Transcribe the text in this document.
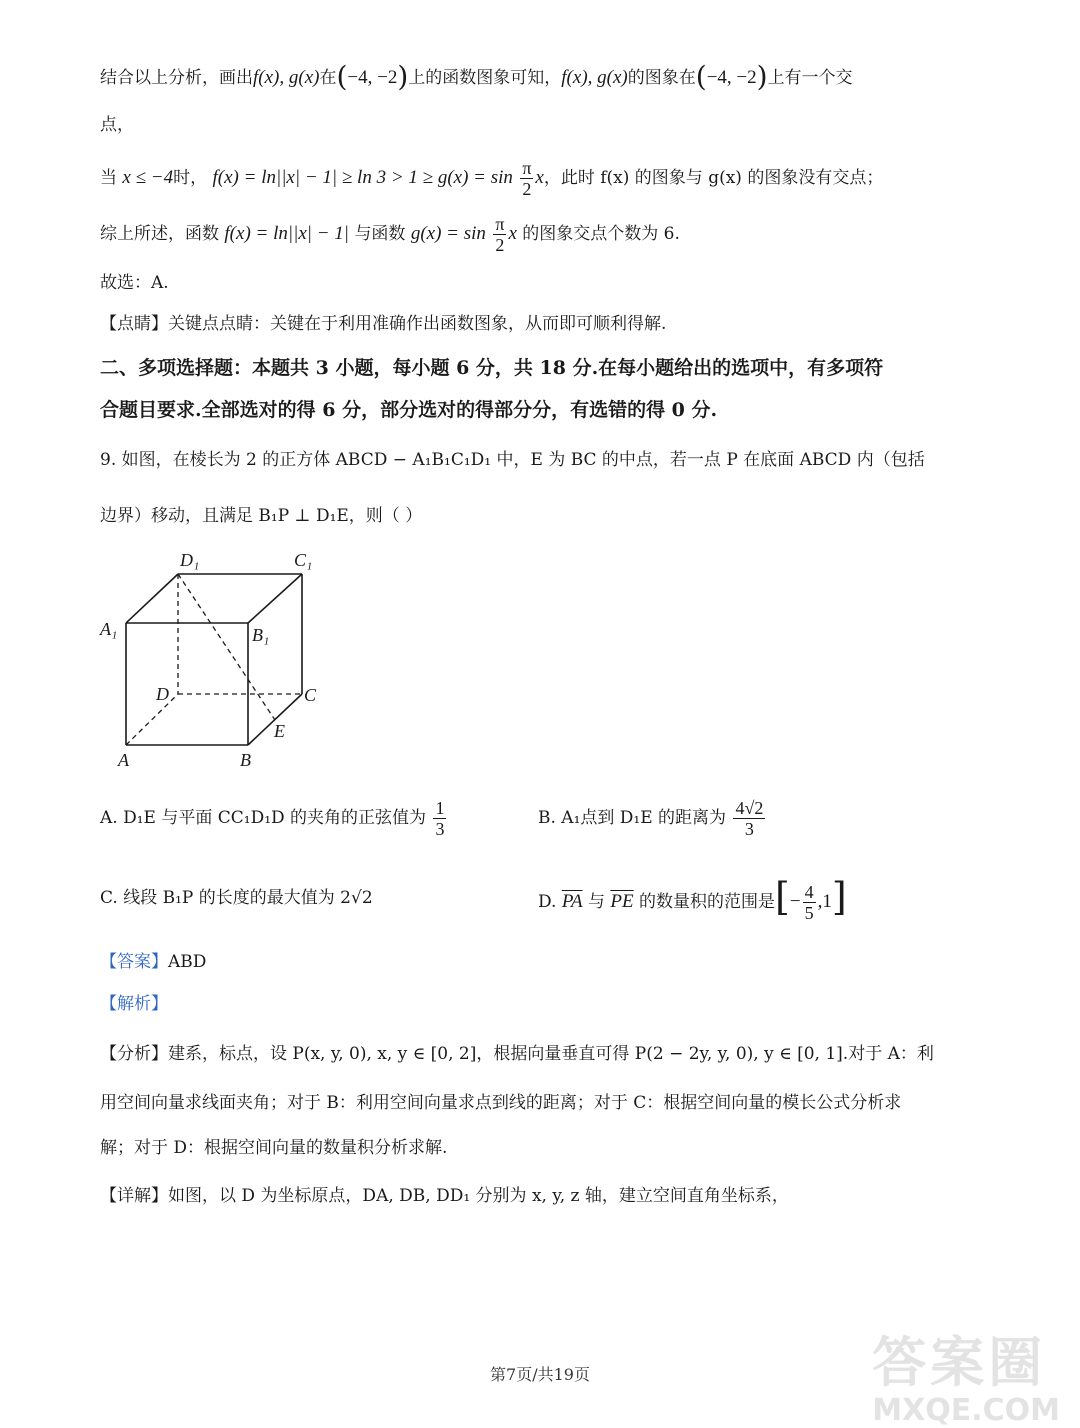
结合以上分析，画出f(x), g(x)在(−4, −2)上的函数图象可知，f(x), g(x)的图象在(−4, −2)上有一个交
点，
当 x ≤ −4时， $f(x) = \ln||x| - 1| \ge \ln 3 > 1 \ge g(x) = \sin \frac{\pi}{2}$ x，此时 f(x) 的图象与 g(x) 的图象没有交点；
综上所述，函数 f(x) = ln||x| − 1| 与函数 $g(x) = \sin \frac{\pi}{2}$ x 的图象交点个数为 6.
故选：A.
【点睛】关键点点睛：关键在于利用准确作出函数图象，从而即可顺利得解.
二、多项选择题：本题共 3 小题，每小题 6 分，共 18 分.在每小题给出的选项中，有多项符
合题目要求.全部选对的得 6 分，部分选对的得部分分，有选错的得 0 分.
9. 如图，在棱长为 2 的正方体 ABCD − A₁B₁C₁D₁ 中，E 为 BC 的中点，若一点 P 在底面 ABCD 内（包括
边界）移动，且满足 B₁P ⊥ D₁E，则（ ）
D₁	C₁
A₁	B₁
D	C
E
A	B
A. D₁E 与平面 CC₁D₁D 的夹角的正弦值为 $\frac{1}{3}$	B. A₁点到 D₁E 的距离为 $\frac{4√2}{3}$
C. 线段 B₁P 的长度的最大值为 2√2	D. $\overline{PA}$ 与 $\overline{PE}$ 的数量积的范围是[− $\frac{4}{5} ,1$]
【答案】ABD
【解析】
【分析】建系，标点，设 P(x, y, 0), x, y ∈ [0, 2]，根据向量垂直可得 P(2 − 2y, y, 0), y ∈ [0, 1].对于 A：利
用空间向量求线面夹角；对于 B：利用空间向量求点到线的距离；对于 C：根据空间向量的模长公式分析求
解；对于 D：根据空间向量的数量积分析求解.
【详解】如图，以 D 为坐标原点，DA, DB, DD₁ 分别为 x, y, z 轴，建立空间直角坐标系，
第7页/共19页	答案圈
MXQE.COM
